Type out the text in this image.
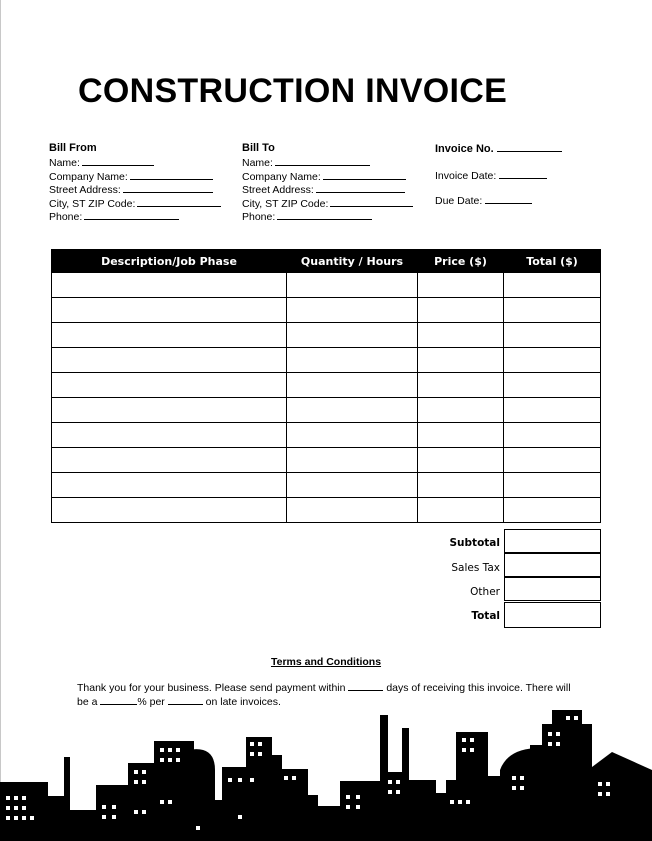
CONSTRUCTION INVOICE
Bill From
Name:
Company Name:
Street Address:
City, ST ZIP Code:
Phone:
Bill To
Name:
Company Name:
Street Address:
City, ST ZIP Code:
Phone:
Invoice No.
Invoice Date:
Due Date:
Description/Job Phase	Quantity / Hours	Price ($)	Total ($)

Subtotal
Sales Tax
Other
Total
Terms and Conditions
Thank you for your business. Please send payment within	days of receiving this invoice. There will be a	% per	on late invoices.
